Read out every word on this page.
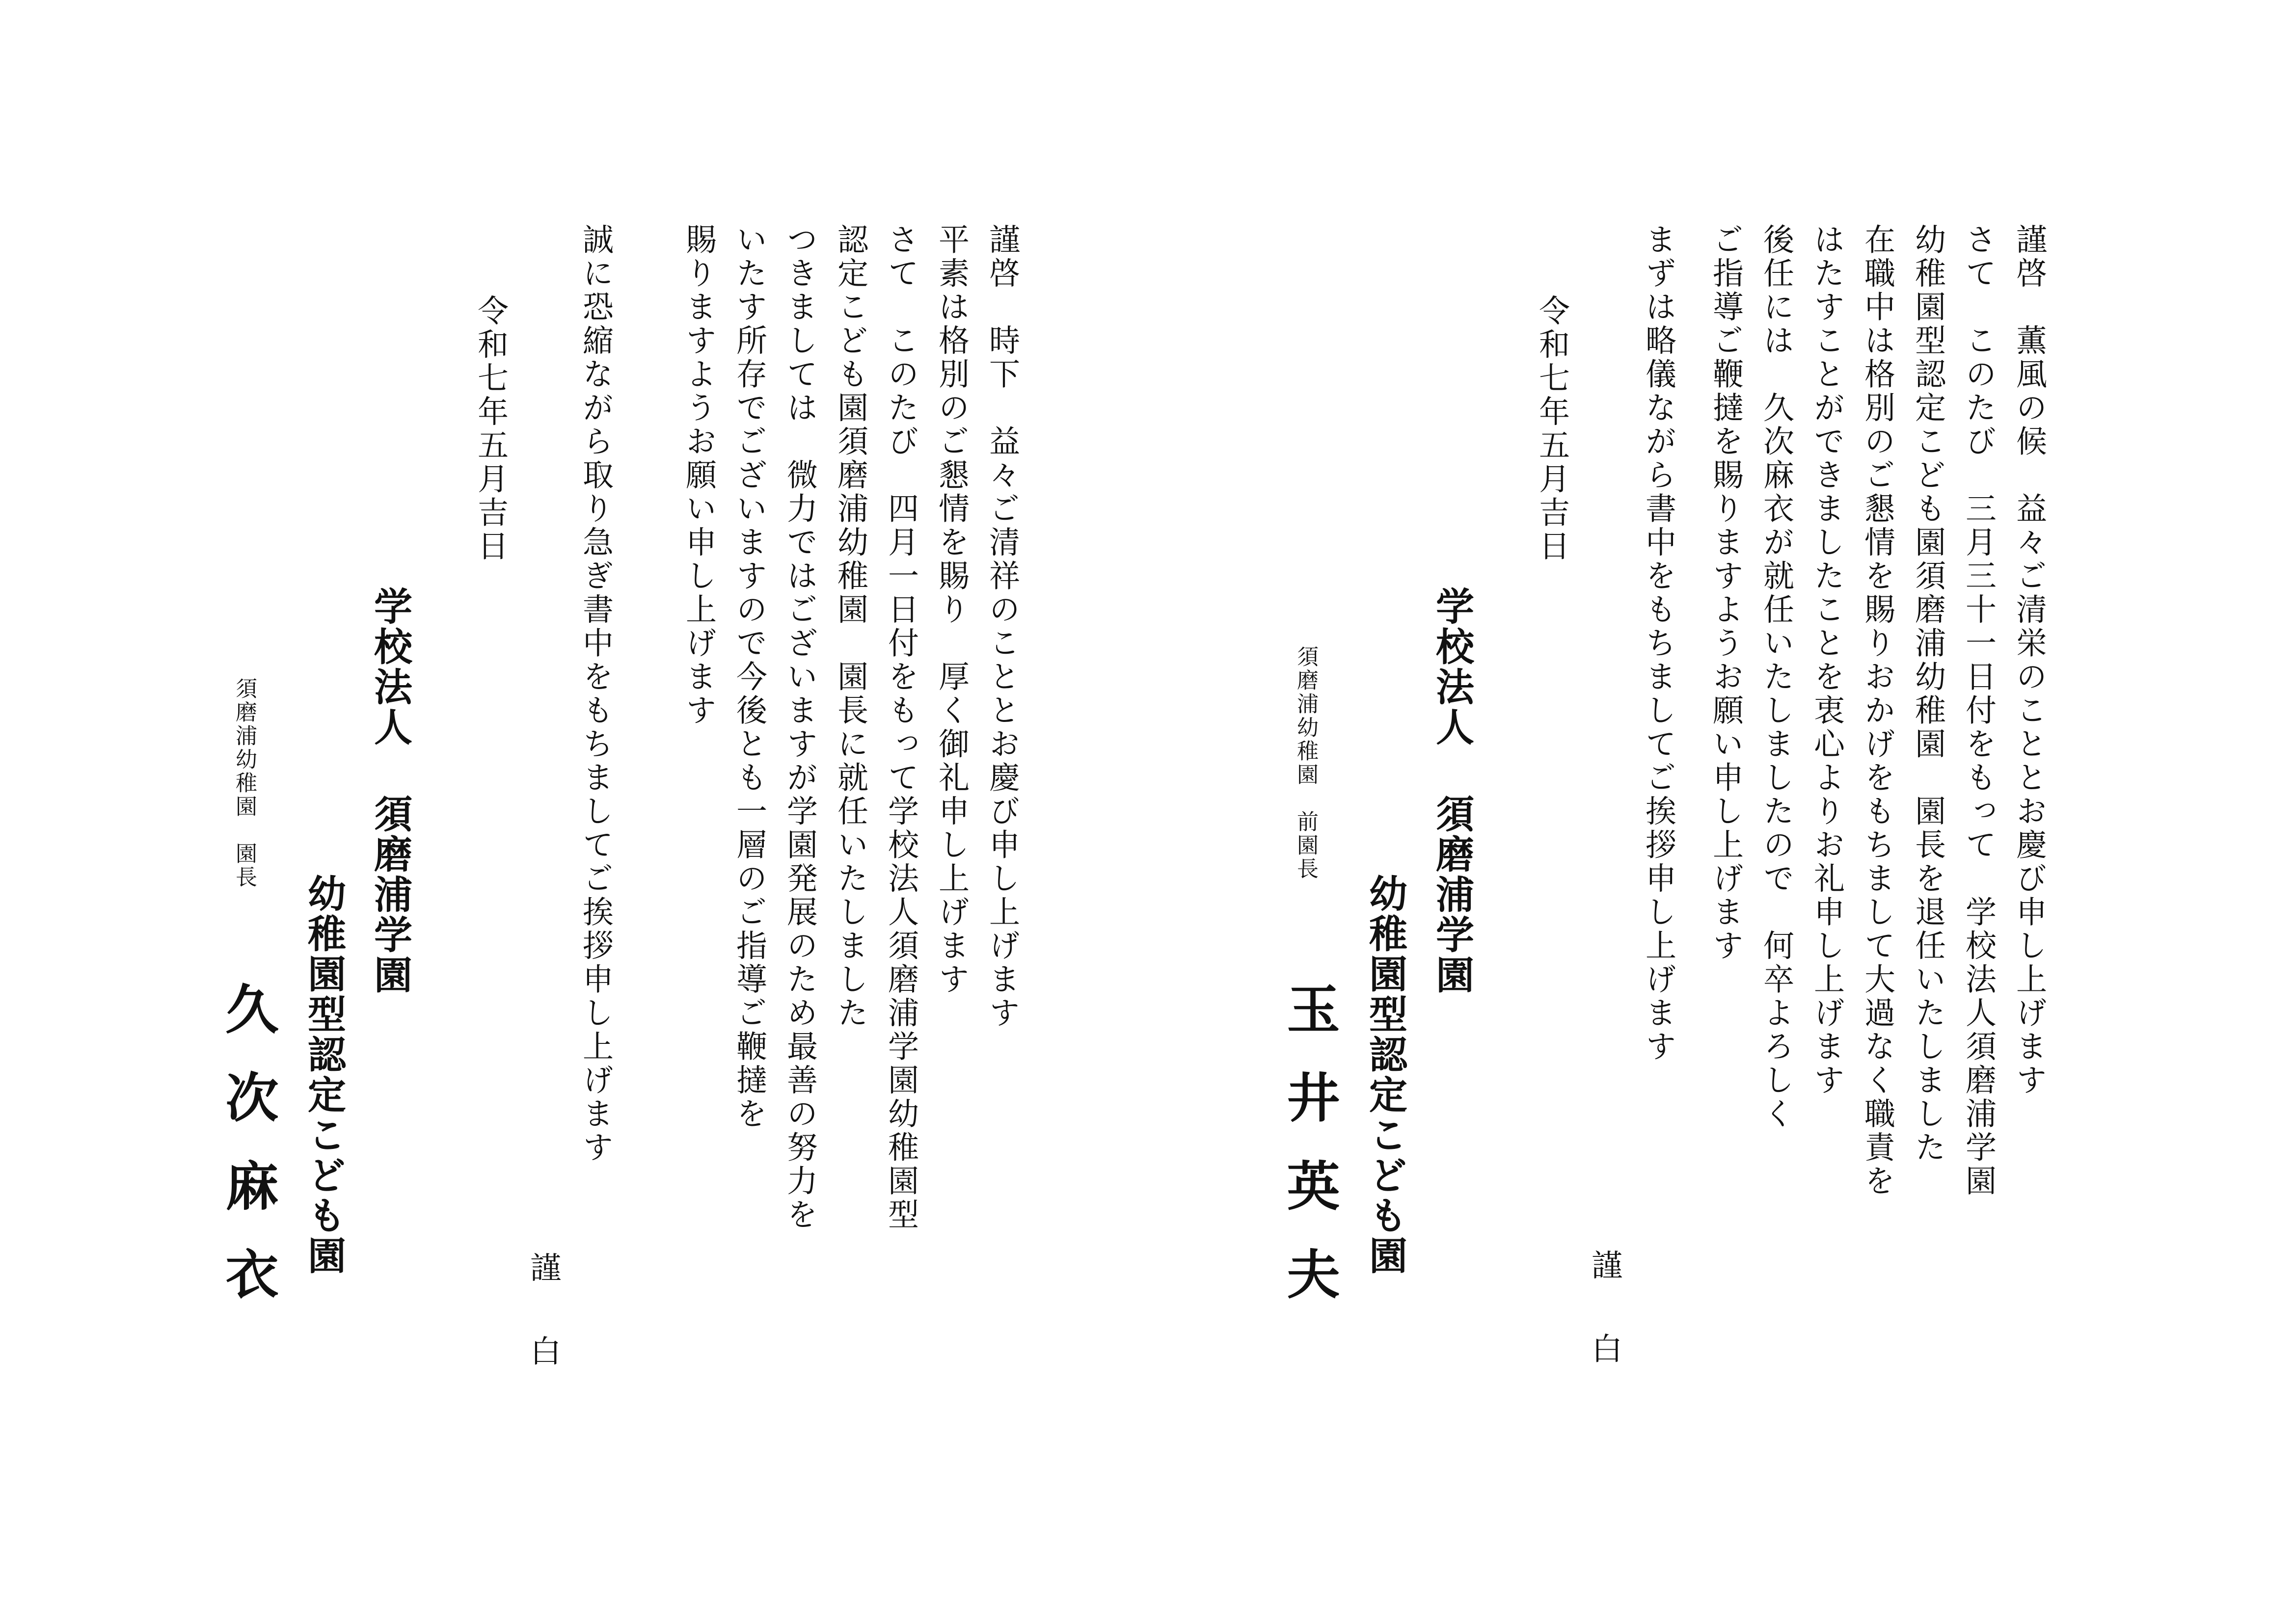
謹啓　時下　益々ご清祥のこととお慶び申し上げます
平素は格別のご懇情を賜り　厚く御礼申し上げます
さて　このたび　四月一日付をもって学校法人須磨浦学園幼稚園型
認定こども園須磨浦幼稚園　園長に就任いたしました
つきましては　微力ではございますが学園発展のため最善の努力を
いたす所存でございますので今後とも一層のご指導ご鞭撻を
賜りますようお願い申し上げます
誠に恐縮ながら取り急ぎ書中をもちましてご挨拶申し上げます
謹
白
令和七年五月吉日
学校法人 須磨浦学園
幼稚園型認定こども園
須磨浦幼稚園　園長
久次麻衣
謹啓　薫風の候　益々ご清栄のこととお慶び申し上げます
さて　このたび　三月三十一日付をもって　学校法人須磨浦学園
幼稚園型認定こども園須磨浦幼稚園　園長を退任いたしました
在職中は格別のご懇情を賜りおかげをもちまして大過なく職責を
はたすことができましたことを衷心よりお礼申し上げます
後任には　久次麻衣が就任いたしましたので　何卒よろしく
ご指導ご鞭撻を賜りますようお願い申し上げます
まずは略儀ながら書中をもちましてご挨拶申し上げます
謹
白
令和七年五月吉日
学校法人 須磨浦学園
幼稚園型認定こども園
須磨浦幼稚園　前園長
玉井英夫
